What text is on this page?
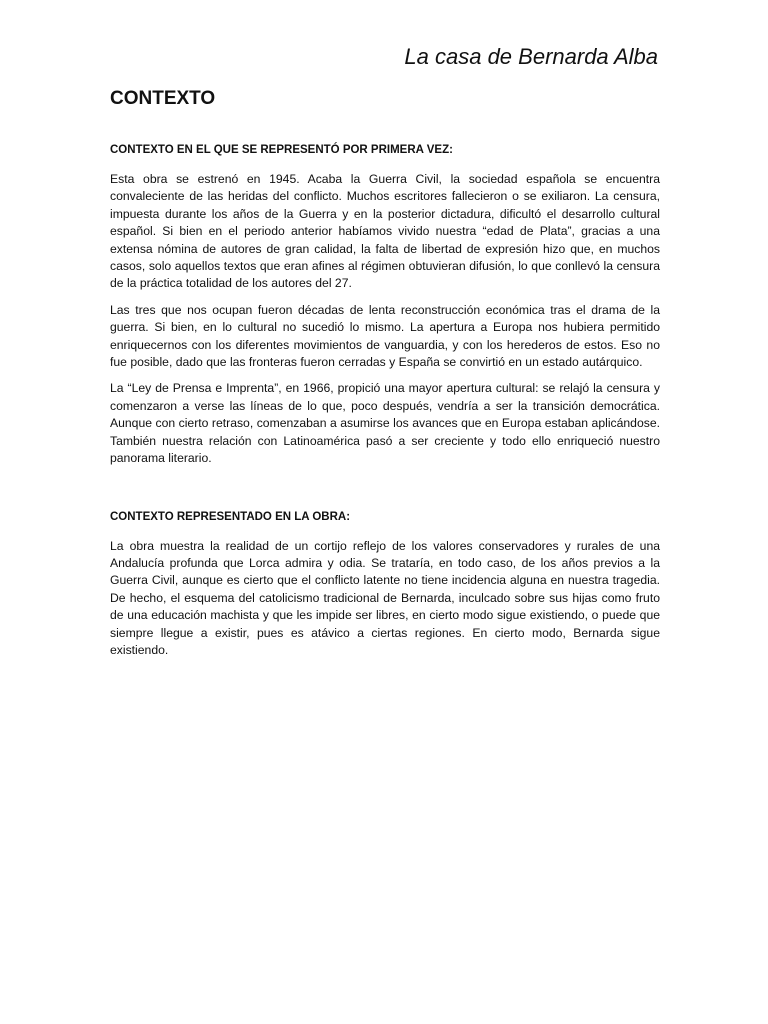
La casa de Bernarda Alba
CONTEXTO
CONTEXTO EN EL QUE SE REPRESENTÓ POR PRIMERA VEZ:

Esta obra se estrenó en 1945. Acaba la Guerra Civil, la sociedad española se encuentra convaleciente de las heridas del conflicto. Muchos escritores fallecieron o se exiliaron. La censura, impuesta durante los años de la Guerra y en la posterior dictadura, dificultó el desarrollo cultural español. Si bien en el periodo anterior habíamos vivido nuestra “edad de Plata”, gracias a una extensa nómina de autores de gran calidad, la falta de libertad de expresión hizo que, en muchos casos, solo aquellos textos que eran afines al régimen obtuvieran difusión, lo que conllevó la censura de la práctica totalidad de los autores del 27.

Las tres que nos ocupan fueron décadas de lenta reconstrucción económica tras el drama de la guerra. Si bien, en lo cultural no sucedió lo mismo. La apertura a Europa nos hubiera permitido enriquecernos con los diferentes movimientos de vanguardia, y con los herederos de estos. Eso no fue posible, dado que las fronteras fueron cerradas y España se convirtió en un estado autárquico.

La “Ley de Prensa e Imprenta”, en 1966, propició una mayor apertura cultural: se relajó la censura y comenzaron a verse las líneas de lo que, poco después, vendría a ser la transición democrática. Aunque con cierto retraso, comenzaban a asumirse los avances que en Europa estaban aplicándose. También nuestra relación con Latinoamérica pasó a ser creciente y todo ello enriqueció nuestro panorama literario.

CONTEXTO REPRESENTADO EN LA OBRA:

La obra muestra la realidad de un cortijo reflejo de los valores conservadores y rurales de una Andalucía profunda que Lorca admira y odia. Se trataría, en todo caso, de los años previos a la Guerra Civil, aunque es cierto que el conflicto latente no tiene incidencia alguna en nuestra tragedia. De hecho, el esquema del catolicismo tradicional de Bernarda, inculcado sobre sus hijas como fruto de una educación machista y que les impide ser libres, en cierto modo sigue existiendo, o puede que siempre llegue a existir, pues es atávico a ciertas regiones. En cierto modo, Bernarda sigue existiendo.
